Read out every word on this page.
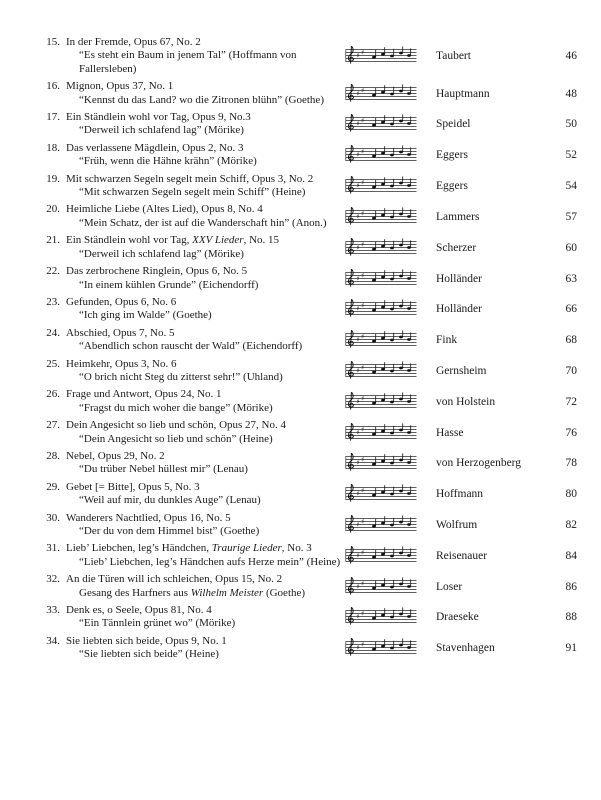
15. In der Fremde, Opus 67, No. 2
“Es steht ein Baum in jenem Tal” (Hoffmann von Fallersleben)
♯ ♯	Taubert	46
16. Mignon, Opus 37, No. 1
“Kennst du das Land? wo die Zitronen blühn” (Goethe)
♯ ♯	Hauptmann	48
17. Ein Ständlein wohl vor Tag, Opus 9, No.3
“Derweil ich schlafend lag” (Mörike)
♯ ♯	Speidel	50
18. Das verlassene Mägdlein, Opus 2, No. 3
“Früh, wenn die Hähne krähn” (Mörike)
♯ ♯	Eggers	52
19. Mit schwarzen Segeln segelt mein Schiff, Opus 3, No. 2
“Mit schwarzen Segeln segelt mein Schiff” (Heine)
♯ ♯	Eggers	54
20. Heimliche Liebe (Altes Lied), Opus 8, No. 4
“Mein Schatz, der ist auf die Wanderschaft hin” (Anon.)
♯ ♯	Lammers	57
21. Ein Ständlein wohl vor Tag, XXV Lieder, No. 15
“Derweil ich schlafend lag” (Mörike)
♯ ♯	Scherzer	60
22. Das zerbrochene Ringlein, Opus 6, No. 5
“In einem kühlen Grunde” (Eichendorff)
♯ ♯	Holländer	63
23. Gefunden, Opus 6, No. 6
“Ich ging im Walde” (Goethe)
♯ ♯	Holländer	66
24. Abschied, Opus 7, No. 5
“Abendlich schon rauscht der Wald” (Eichendorff)
♯ ♯	Fink	68
25. Heimkehr, Opus 3, No. 6
“O brich nicht Steg du zitterst sehr!” (Uhland)
♯ ♯	Gernsheim	70
26. Frage und Antwort, Opus 24, No. 1
“Fragst du mich woher die bange” (Mörike)
♯ ♯	von Holstein	72
27. Dein Angesicht so lieb und schön, Opus 27, No. 4
“Dein Angesicht so lieb und schön” (Heine)
♯ ♯	Hasse	76
28. Nebel, Opus 29, No. 2
“Du trüber Nebel hüllest mir” (Lenau)
♯ ♯	von Herzogenberg	78
29. Gebet [= Bitte], Opus 5, No. 3
“Weil auf mir, du dunkles Auge” (Lenau)
♯ ♯	Hoffmann	80
30. Wanderers Nachtlied, Opus 16, No. 5
“Der du von dem Himmel bist” (Goethe)
♯ ♯	Wolfrum	82
31. Lieb’ Liebchen, leg’s Händchen, Traurige Lieder, No. 3
“Lieb’ Liebchen, leg’s Händchen aufs Herze mein” (Heine)
♯ ♯	Reisenauer	84
32. An die Türen will ich schleichen, Opus 15, No. 2
Gesang des Harfners aus Wilhelm Meister (Goethe)
♯ ♯	Loser	86
33. Denk es, o Seele, Opus 81, No. 4
“Ein Tännlein grünet wo” (Mörike)
♯ ♯	Draeseke	88
34. Sie liebten sich beide, Opus 9, No. 1
“Sie liebten sich beide” (Heine)
♯ ♯	Stavenhagen	91
